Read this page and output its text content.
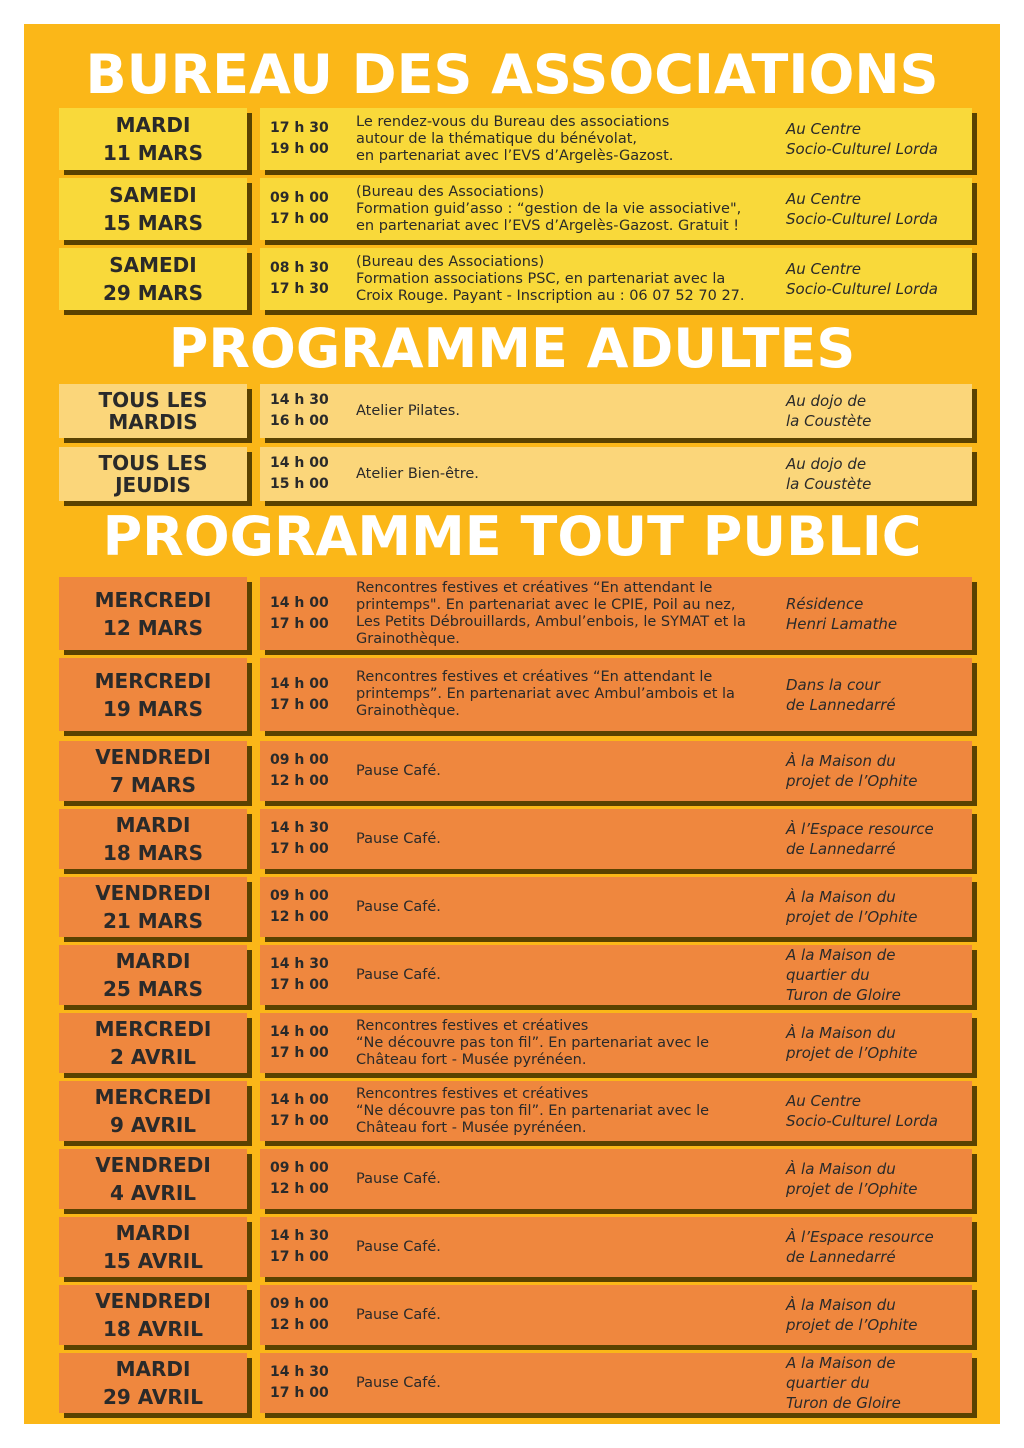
BUREAU DES ASSOCIATIONS
PROGRAMME ADULTES
PROGRAMME TOUT PUBLIC
MARDI
11 MARS
17 h 30
19 h 00
Le rendez-vous du Bureau des associations
autour de la thématique du bénévolat,
en partenariat avec l’EVS d’Argelès-Gazost.
Au Centre
Socio-Culturel Lorda
SAMEDI
15 MARS
09 h 00
17 h 00
(Bureau des Associations)
Formation guid’asso : “gestion de la vie associative",
en partenariat avec l’EVS d’Argelès-Gazost. Gratuit !
Au Centre
Socio-Culturel Lorda
SAMEDI
29 MARS
08 h 30
17 h 30
(Bureau des Associations)
Formation associations PSC, en partenariat avec la
Croix Rouge. Payant - Inscription au : 06 07 52 70 27.
Au Centre
Socio-Culturel Lorda
TOUS LES
MARDIS
14 h 30
16 h 00
Atelier Pilates.
Au dojo de
la Coustète
TOUS LES
JEUDIS
14 h 00
15 h 00
Atelier Bien-être.
Au dojo de
la Coustète
MERCREDI
12 MARS
14 h 00
17 h 00
Rencontres festives et créatives “En attendant le
printemps". En partenariat avec le CPIE, Poil au nez,
Les Petits Débrouillards, Ambul’enbois, le SYMAT et la
Grainothèque.
Résidence
Henri Lamathe
MERCREDI
19 MARS
14 h 00
17 h 00
Rencontres festives et créatives “En attendant le
printemps”. En partenariat avec Ambul’ambois et la
Grainothèque.
Dans la cour
de Lannedarré
VENDREDI
7 MARS
09 h 00
12 h 00
Pause Café.
À la Maison du
projet de l’Ophite
MARDI
18 MARS
14 h 30
17 h 00
Pause Café.
À l’Espace resource
de Lannedarré
VENDREDI
21 MARS
09 h 00
12 h 00
Pause Café.
À la Maison du
projet de l’Ophite
MARDI
25 MARS
14 h 30
17 h 00
Pause Café.
A la Maison de
quartier du
Turon de Gloire
MERCREDI
2 AVRIL
14 h 00
17 h 00
Rencontres festives et créatives
“Ne découvre pas ton fil”. En partenariat avec le
Château fort - Musée pyrénéen.
À la Maison du
projet de l’Ophite
MERCREDI
9 AVRIL
14 h 00
17 h 00
Rencontres festives et créatives
“Ne découvre pas ton fil”. En partenariat avec le
Château fort - Musée pyrénéen.
Au Centre
Socio-Culturel Lorda
VENDREDI
4 AVRIL
09 h 00
12 h 00
Pause Café.
À la Maison du
projet de l’Ophite
MARDI
15 AVRIL
14 h 30
17 h 00
Pause Café.
À l’Espace resource
de Lannedarré
VENDREDI
18 AVRIL
09 h 00
12 h 00
Pause Café.
À la Maison du
projet de l’Ophite
MARDI
29 AVRIL
14 h 30
17 h 00
Pause Café.
A la Maison de
quartier du
Turon de Gloire
